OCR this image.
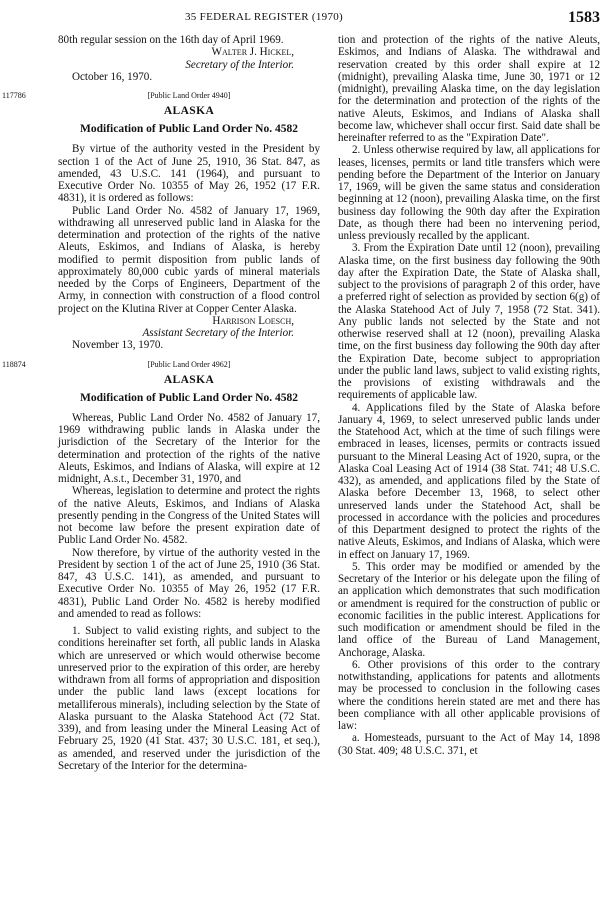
35 FEDERAL REGISTER (1970)	1583

80th regular session on the 16th day of April 1969.

Walter J. Hickel,

Secretary of the Interior.

October 16, 1970.

117786	[Public Land Order 4940]
ALASKA
Modification of Public Land Order No. 4582

By virtue of the authority vested in the President by section 1 of the Act of June 25, 1910, 36 Stat. 847, as amended, 43 U.S.C. 141 (1964), and pursuant to Executive Order No. 10355 of May 26, 1952 (17 F.R. 4831), it is ordered as follows:

Public Land Order No. 4582 of January 17, 1969, withdrawing all unreserved public land in Alaska for the determination and protection of the rights of the native Aleuts, Eskimos, and Indians of Alaska, is hereby modified to permit disposition from public lands of approximately 80,000 cubic yards of mineral materials needed by the Corps of Engineers, Department of the Army, in connection with construction of a flood control project on the Klutina River at Copper Center Alaska.

Harrison Loesch,

Assistant Secretary of the Interior.

November 13, 1970.

118874	[Public Land Order 4962]
ALASKA
Modification of Public Land Order No. 4582

Whereas, Public Land Order No. 4582 of January 17, 1969 withdrawing public lands in Alaska under the jurisdiction of the Secretary of the Interior for the determination and protection of the rights of the native Aleuts, Eskimos, and Indians of Alaska, will expire at 12 midnight, A.s.t., December 31, 1970, and

Whereas, legislation to determine and protect the rights of the native Aleuts, Eskimos, and Indians of Alaska presently pending in the Congress of the United States will not become law before the present expiration date of Public Land Order No. 4582.

Now therefore, by virtue of the authority vested in the President by section 1 of the act of June 25, 1910 (36 Stat. 847, 43 U.S.C. 141), as amended, and pursuant to Executive Order No. 10355 of May 26, 1952 (17 F.R. 4831), Public Land Order No. 4582 is hereby modified and amended to read as follows:

1. Subject to valid existing rights, and subject to the conditions hereinafter set forth, all public lands in Alaska which are unreserved or which would otherwise become unreserved prior to the expiration of this order, are hereby withdrawn from all forms of appropriation and disposition under the public land laws (except locations for metalliferous minerals), including selection by the State of Alaska pursuant to the Alaska Statehood Act (72 Stat. 339), and from leasing under the Mineral Leasing Act of February 25, 1920 (41 Stat. 437; 30 U.S.C. 181, et seq.), as amended, and reserved under the jurisdiction of the Secretary of the Interior for the determina-

tion and protection of the rights of the native Aleuts, Eskimos, and Indians of Alaska. The withdrawal and reservation created by this order shall expire at 12 (midnight), prevailing Alaska time, June 30, 1971 or 12 (midnight), prevailing Alaska time, on the day legislation for the determination and protection of the rights of the native Aleuts, Eskimos, and Indians of Alaska shall become law, whichever shall occur first. Said date shall be hereinafter referred to as the "Expiration Date".

2. Unless otherwise required by law, all applications for leases, licenses, permits or land title transfers which were pending before the Department of the Interior on January 17, 1969, will be given the same status and consideration beginning at 12 (noon), prevailing Alaska time, on the first business day following the 90th day after the Expiration Date, as though there had been no intervening period, unless previously recalled by the applicant.

3. From the Expiration Date until 12 (noon), prevailing Alaska time, on the first business day following the 90th day after the Expiration Date, the State of Alaska shall, subject to the provisions of paragraph 2 of this order, have a preferred right of selection as provided by section 6(g) of the Alaska Statehood Act of July 7, 1958 (72 Stat. 341). Any public lands not selected by the State and not otherwise reserved shall at 12 (noon), prevailing Alaska time, on the first business day following the 90th day after the Expiration Date, become subject to appropriation under the public land laws, subject to valid existing rights, the provisions of existing withdrawals and the requirements of applicable law.

4. Applications filed by the State of Alaska before January 4, 1969, to select unreserved public lands under the Statehood Act, which at the time of such filings were embraced in leases, licenses, permits or contracts issued pursuant to the Mineral Leasing Act of 1920, supra, or the Alaska Coal Leasing Act of 1914 (38 Stat. 741; 48 U.S.C. 432), as amended, and applications filed by the State of Alaska before December 13, 1968, to select other unreserved lands under the Statehood Act, shall be processed in accordance with the policies and procedures of this Department designed to protect the rights of the native Aleuts, Eskimos, and Indians of Alaska, which were in effect on January 17, 1969.

5. This order may be modified or amended by the Secretary of the Interior or his delegate upon the filing of an application which demonstrates that such modification or amendment is required for the construction of public or economic facilities in the public interest. Applications for such modification or amendment should be filed in the land office of the Bureau of Land Management, Anchorage, Alaska.

6. Other provisions of this order to the contrary notwithstanding, applications for patents and allotments may be processed to conclusion in the following cases where the conditions herein stated are met and there has been compliance with all other applicable provisions of law:

a. Homesteads, pursuant to the Act of May 14, 1898 (30 Stat. 409; 48 U.S.C. 371, et
